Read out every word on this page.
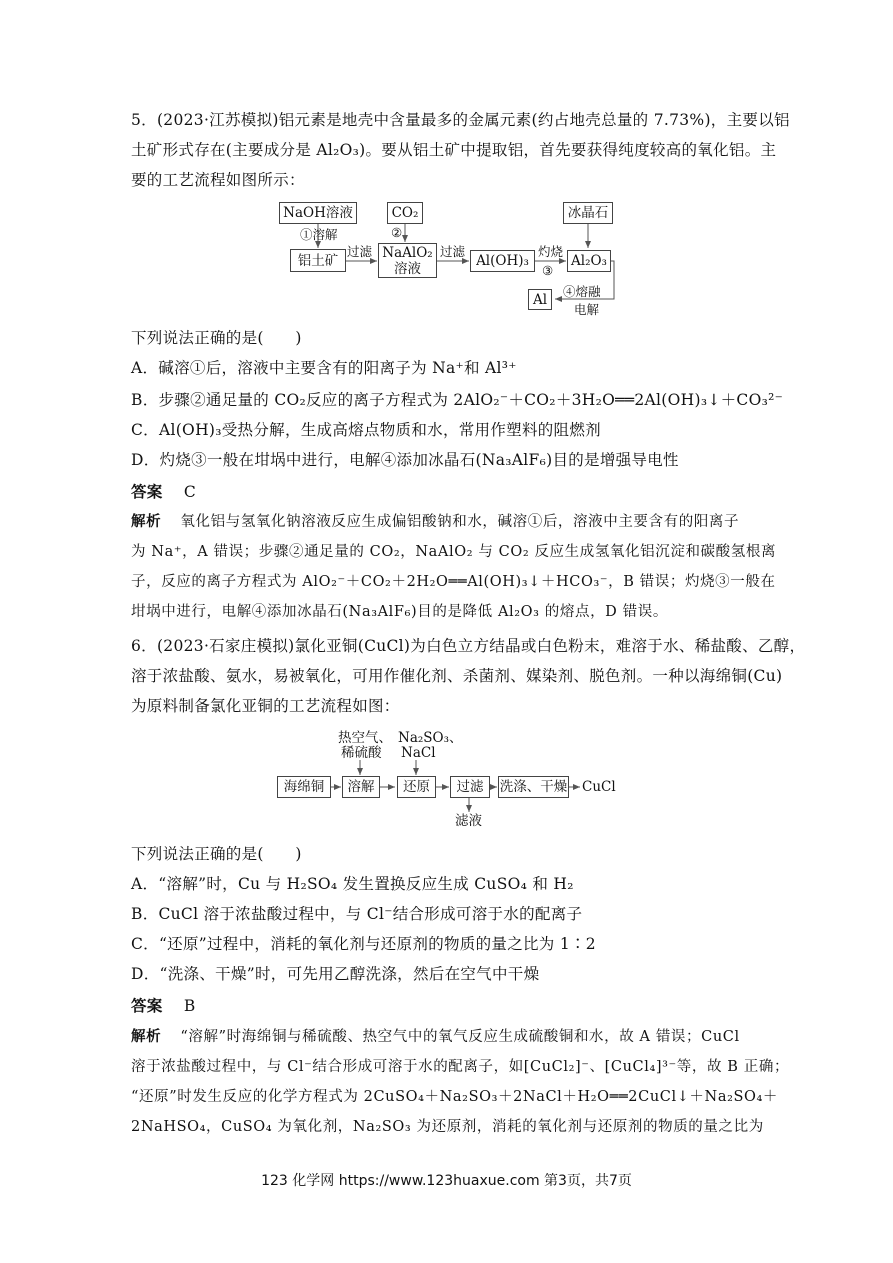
5．(2023·江苏模拟)铝元素是地壳中含量最多的金属元素(约占地壳总量的 7.73%)，主要以铝
土矿形式存在(主要成分是 Al₂O₃)。要从铝土矿中提取铝，首先要获得纯度较高的氧化铝。主
要的工艺流程如图所示：
NaOH溶液
①溶解
铝土矿
过滤
CO₂
②
NaAlO₂
溶液
过滤
Al(OH)₃
灼烧
③
冰晶石
Al₂O₃
④熔融
电解
Al
下列说法正确的是(　　)
A．碱溶①后，溶液中主要含有的阳离子为 Na⁺和 Al³⁺
B．步骤②通足量的 CO₂反应的离子方程式为 2AlO₂⁻＋CO₂＋3H₂O══2Al(OH)₃↓＋CO₃²⁻
C．Al(OH)₃受热分解，生成高熔点物质和水，常用作塑料的阻燃剂
D．灼烧③一般在坩埚中进行，电解④添加冰晶石(Na₃AlF₆)目的是增强导电性
答案 C
解析 氧化铝与氢氧化钠溶液反应生成偏铝酸钠和水，碱溶①后，溶液中主要含有的阳离子
为 Na⁺，A 错误；步骤②通足量的 CO₂，NaAlO₂ 与 CO₂ 反应生成氢氧化铝沉淀和碳酸氢根离
子，反应的离子方程式为 AlO₂⁻＋CO₂＋2H₂O══Al(OH)₃↓＋HCO₃⁻，B 错误；灼烧③一般在
坩埚中进行，电解④添加冰晶石(Na₃AlF₆)目的是降低 Al₂O₃ 的熔点，D 错误。
6．(2023·石家庄模拟)氯化亚铜(CuCl)为白色立方结晶或白色粉末，难溶于水、稀盐酸、乙醇，
溶于浓盐酸、氨水，易被氧化，可用作催化剂、杀菌剂、媒染剂、脱色剂。一种以海绵铜(Cu)
为原料制备氯化亚铜的工艺流程如图：
热空气、
稀硫酸
Na₂SO₃、
NaCl
海绵铜	溶解	还原	过滤	洗涤、干燥 CuCl
滤液
下列说法正确的是(　　)
A．“溶解”时，Cu 与 H₂SO₄ 发生置换反应生成 CuSO₄ 和 H₂
B．CuCl 溶于浓盐酸过程中，与 Cl⁻结合形成可溶于水的配离子
C．“还原”过程中，消耗的氧化剂与还原剂的物质的量之比为 1∶2
D．“洗涤、干燥”时，可先用乙醇洗涤，然后在空气中干燥
答案 B
解析 “溶解”时海绵铜与稀硫酸、热空气中的氧气反应生成硫酸铜和水，故 A 错误；CuCl
溶于浓盐酸过程中，与 Cl⁻结合形成可溶于水的配离子，如[CuCl₂]⁻、[CuCl₄]³⁻等，故 B 正确；
“还原”时发生反应的化学方程式为 2CuSO₄＋Na₂SO₃＋2NaCl＋H₂O══2CuCl↓＋Na₂SO₄＋
2NaHSO₄，CuSO₄ 为氧化剂，Na₂SO₃ 为还原剂，消耗的氧化剂与还原剂的物质的量之比为
123 化学网 https://www.123huaxue.com 第3页，共7页
